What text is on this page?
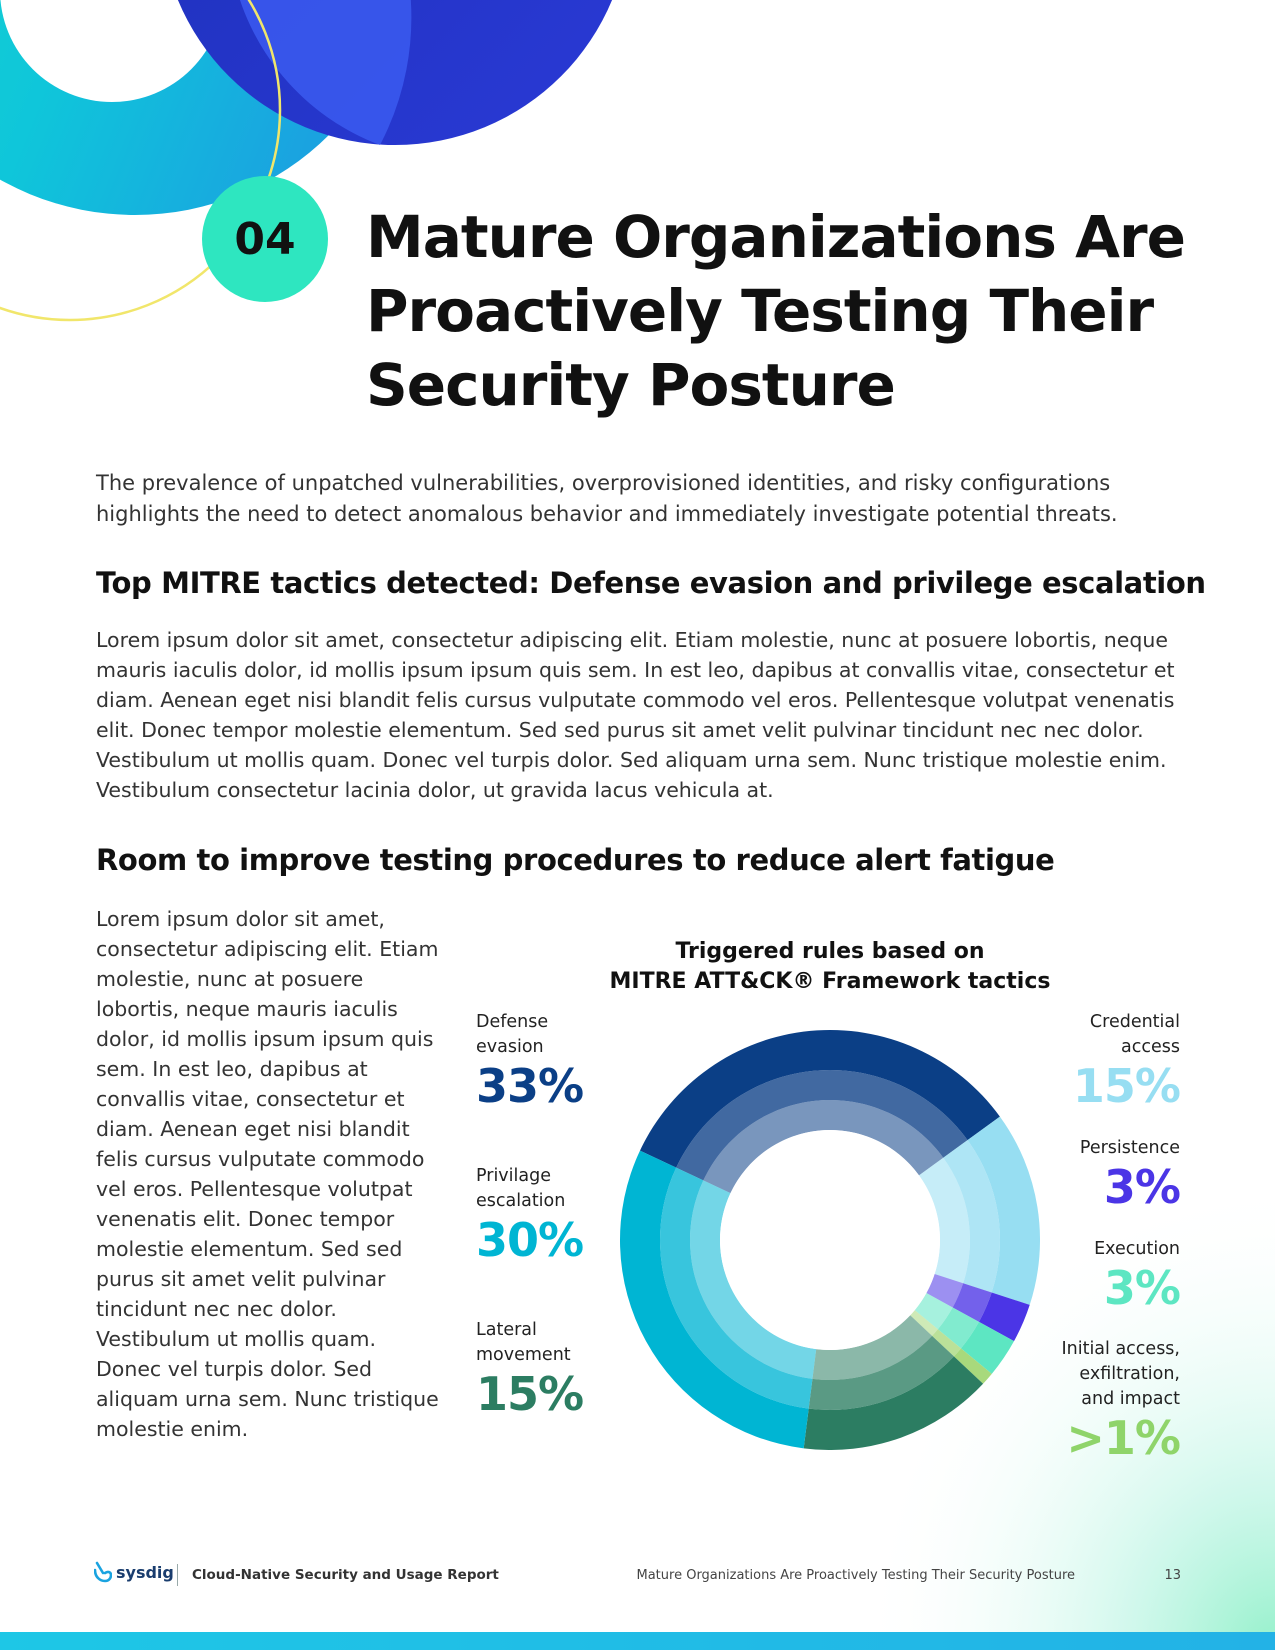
04 Mature Organizations Are Proactively Testing Their Security Posture

The prevalence of unpatched vulnerabilities, overprovisioned identities, and risky configurations highlights the need to detect anomalous behavior and immediately investigate potential threats.

Top MITRE tactics detected: Defense evasion and privilege escalation

Lorem ipsum dolor sit amet, consectetur adipiscing elit. Etiam molestie, nunc at posuere lobortis, neque mauris iaculis dolor, id mollis ipsum ipsum quis sem. In est leo, dapibus at convallis vitae, consectetur et diam. Aenean eget nisi blandit felis cursus vulputate commodo vel eros. Pellentesque volutpat venenatis elit. Donec tempor molestie elementum. Sed sed purus sit amet velit pulvinar tincidunt nec nec dolor. Vestibulum ut mollis quam. Donec vel turpis dolor. Sed aliquam urna sem. Nunc tristique molestie enim. Vestibulum consectetur lacinia dolor, ut gravida lacus vehicula at.

Room to improve testing procedures to reduce alert fatigue

Lorem ipsum dolor sit amet, consectetur adipiscing elit. Etiam molestie, nunc at posuere lobortis, neque mauris iaculis dolor, id mollis ipsum ipsum quis sem. In est leo, dapibus at convallis vitae, consectetur et diam. Aenean eget nisi blandit felis cursus vulputate commodo vel eros. Pellentesque volutpat venenatis elit. Donec tempor molestie elementum. Sed sed purus sit amet velit pulvinar tincidunt nec nec dolor. Vestibulum ut mollis quam. Donec vel turpis dolor. Sed aliquam urna sem. Nunc tristique molestie enim.

Triggered rules based on
MITRE ATT&CK® Framework tactics
Defense
evasion
33%
Privilage
escalation
30%
Lateral
movement
15%
Credential
access
15%
Persistence
3%
Execution
3%
Initial access,
exfiltration,
and impact
>1%
sysdig Cloud-Native Security and Usage Report	Mature Organizations Are Proactively Testing Their Security Posture	13
